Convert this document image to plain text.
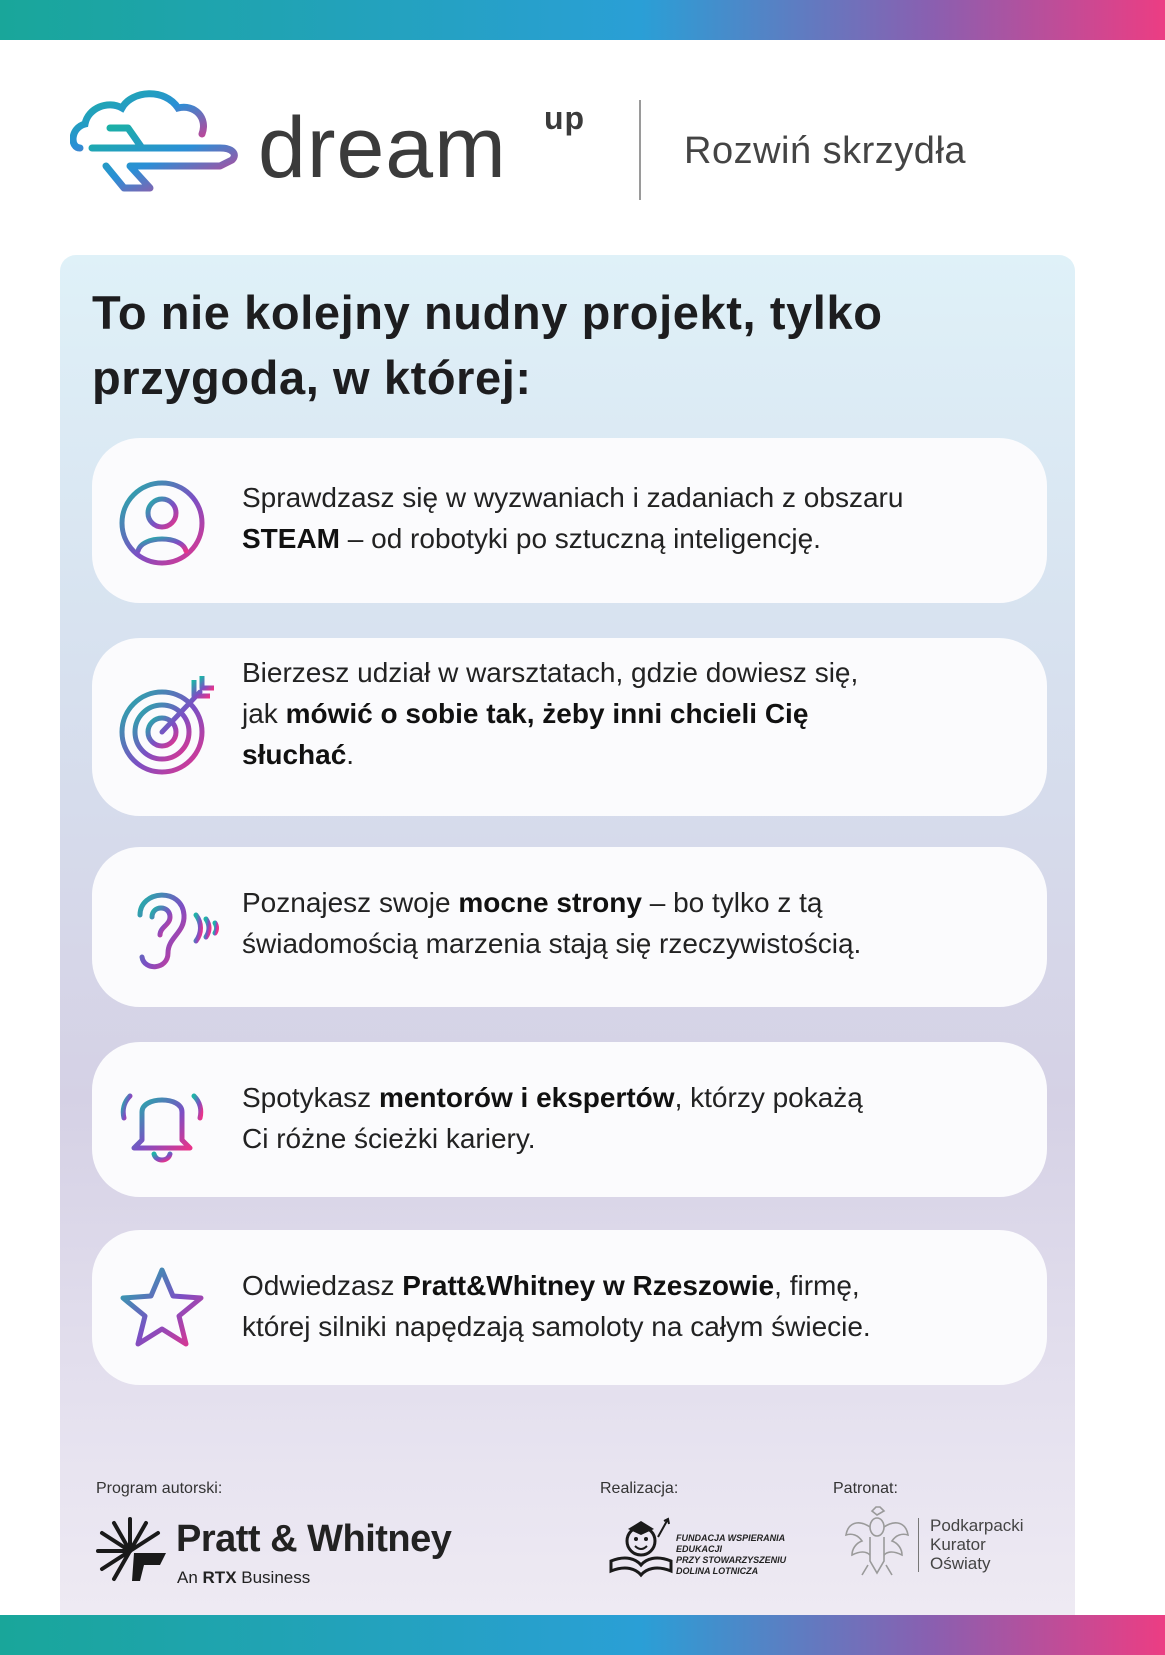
dream up
Rozwiń skrzydła
To nie kolejny nudny projekt, tylko
przygoda, w której:

Sprawdzasz się w wyzwaniach i zadaniach z obszaru
STEAM – od robotyki po sztuczną inteligencję.

Bierzesz udział w warsztatach, gdzie dowiesz się,
jak mówić o sobie tak, żeby inni chcieli Cię
słuchać.

Poznajesz swoje mocne strony – bo tylko z tą
świadomością marzenia stają się rzeczywistością.

Spotykasz mentorów i ekspertów, którzy pokażą
Ci różne ścieżki kariery.

Odwiedzasz Pratt&Whitney w Rzeszowie, firmę,
której silniki napędzają samoloty na całym świecie.

Program autorski:	Realizacja:	Patronat:
Pratt & Whitney
An RTX Business
FUNDACJA WSPIERANIA EDUKACJI
PRZY STOWARZYSZENIU
DOLINA LOTNICZA
Podkarpacki
Kurator
Oświaty
